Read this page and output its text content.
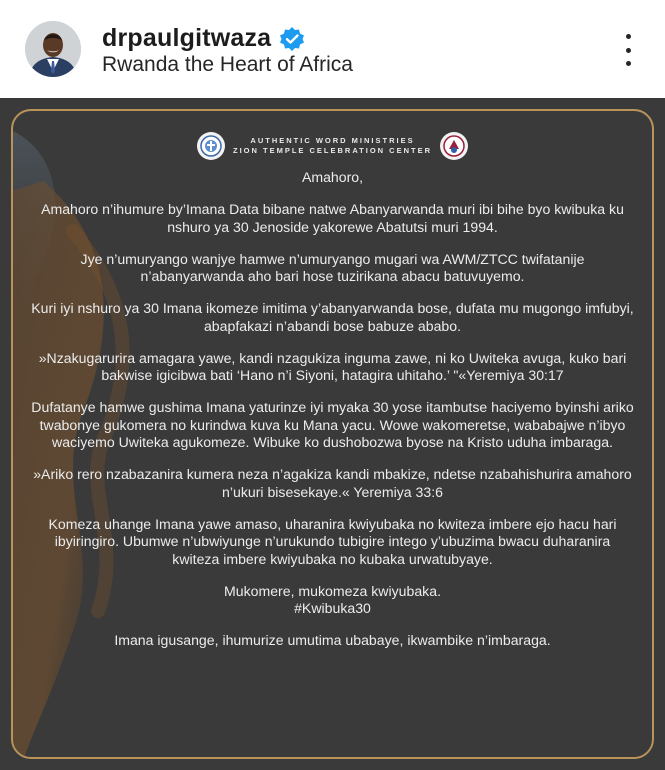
drpaulgitwaza
Rwanda the Heart of Africa
AUTHENTIC WORD MINISTRIES
ZION TEMPLE CELEBRATION CENTER

Amahoro,

Amahoro n’ihumure by’Imana Data bibane natwe Abanyarwanda muri ibi bihe byo kwibuka ku nshuro ya 30 Jenoside yakorewe Abatutsi muri 1994.

Jye n’umuryango wanjye hamwe n’umuryango mugari wa AWM/ZTCC twifatanije n’abanyarwanda aho bari hose tuzirikana abacu batuvuyemo.

Kuri iyi nshuro ya 30 Imana ikomeze imitima y’abanyarwanda bose, dufata mu mugongo imfubyi, abapfakazi n’abandi bose babuze ababo.

»Nzakugarurira amagara yawe, kandi nzagukiza inguma zawe, ni ko Uwiteka avuga, kuko bari bakwise igicibwa bati ‘Hano n’i Siyoni, hatagira uhitaho.’ "«Yeremiya 30:17

Dufatanye hamwe gushima Imana yaturinze iyi myaka 30 yose itambutse haciyemo byinshi ariko twabonye gukomera no kurindwa kuva ku Mana yacu. Wowe wakomeretse, wababajwe n’ibyo waciyemo Uwiteka agukomeze. Wibuke ko dushobozwa byose na Kristo uduha imbaraga.

»Ariko rero nzabazanira kumera neza n’agakiza kandi mbakize, ndetse nzabahishurira amahoro n’ukuri bisesekaye.« Yeremiya 33:6

Komeza uhange Imana yawe amaso, uharanira kwiyubaka no kwiteza imbere ejo hacu hari ibyiringiro. Ubumwe n’ubwiyunge n’urukundo tubigire intego y’ubuzima bwacu duharanira kwiteza imbere kwiyubaka no kubaka urwatubyaye.

Mukomere, mukomeza kwiyubaka.

#Kwibuka30

Imana igusange, ihumurize umutima ubabaye, ikwambike n’imbaraga.
